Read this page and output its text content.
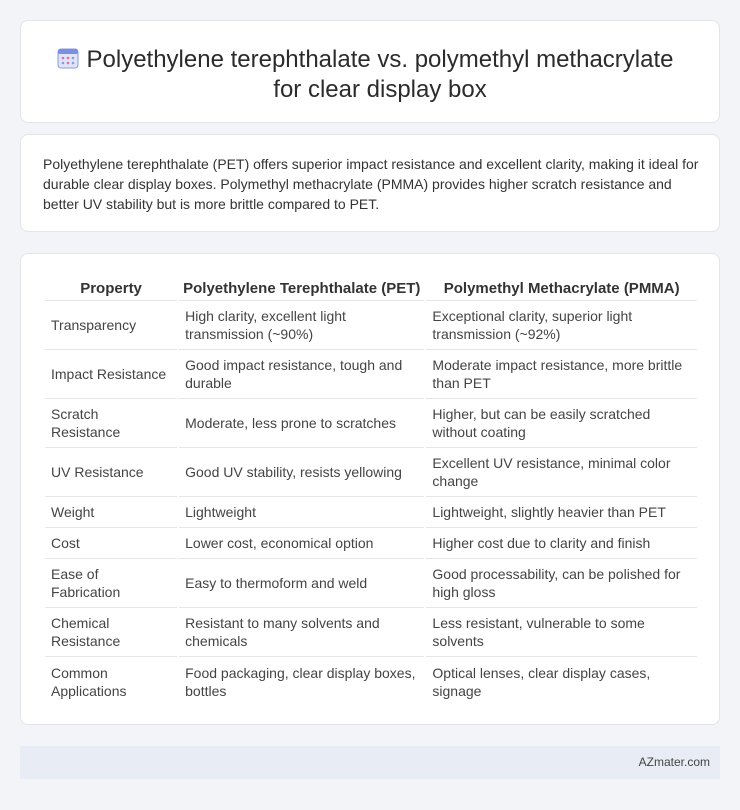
Polyethylene terephthalate vs. polymethyl methacrylate for clear display box

Polyethylene terephthalate (PET) offers superior impact resistance and excellent clarity, making it ideal for durable clear display boxes. Polymethyl methacrylate (PMMA) provides higher scratch resistance and better UV stability but is more brittle compared to PET.

Property	Polyethylene Terephthalate (PET)	Polymethyl Methacrylate (PMMA)
Transparency	High clarity, excellent light transmission (~90%)	Exceptional clarity, superior light transmission (~92%)
Impact Resistance	Good impact resistance, tough and durable	Moderate impact resistance, more brittle than PET
Scratch Resistance	Moderate, less prone to scratches	Higher, but can be easily scratched without coating
UV Resistance	Good UV stability, resists yellowing	Excellent UV resistance, minimal color change
Weight	Lightweight	Lightweight, slightly heavier than PET
Cost	Lower cost, economical option	Higher cost due to clarity and finish
Ease of Fabrication	Easy to thermoform and weld	Good processability, can be polished for high gloss
Chemical Resistance	Resistant to many solvents and chemicals	Less resistant, vulnerable to some solvents
Common Applications	Food packaging, clear display boxes, bottles	Optical lenses, clear display cases, signage
AZmater.com
